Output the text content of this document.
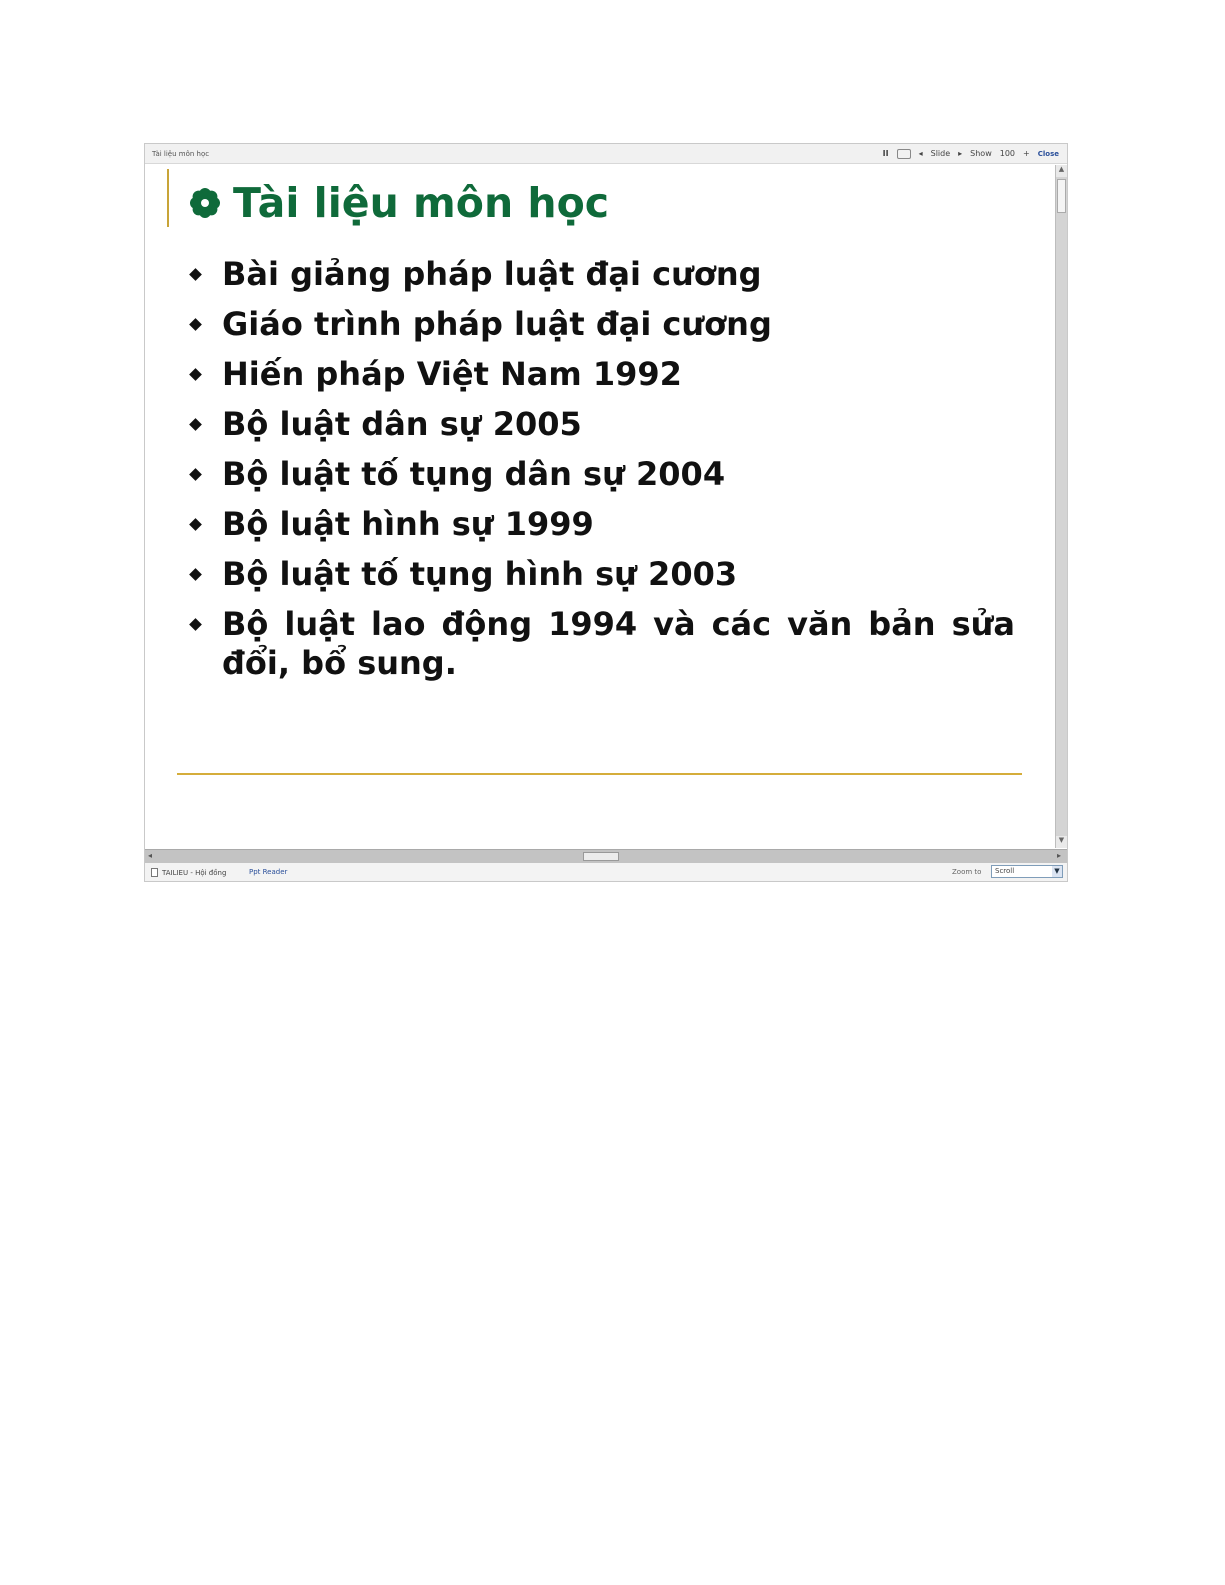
Tài liệu môn học	II	◂ Slide ▸ Show 100 + Close
Tài liệu môn học
Bài giảng pháp luật đại cương
Giáo trình pháp luật đại cương
Hiến pháp Việt Nam 1992
Bộ luật dân sự 2005
Bộ luật tố tụng dân sự 2004
Bộ luật hình sự 1999
Bộ luật tố tụng hình sự 2003
Bộ luật lao động 1994 và các văn bản sửa đổi, bổ sung.
▲
▼
◂	▸
TAILIEU - Hội đồng	Ppt Reader	Zoom to	Scroll	▼
